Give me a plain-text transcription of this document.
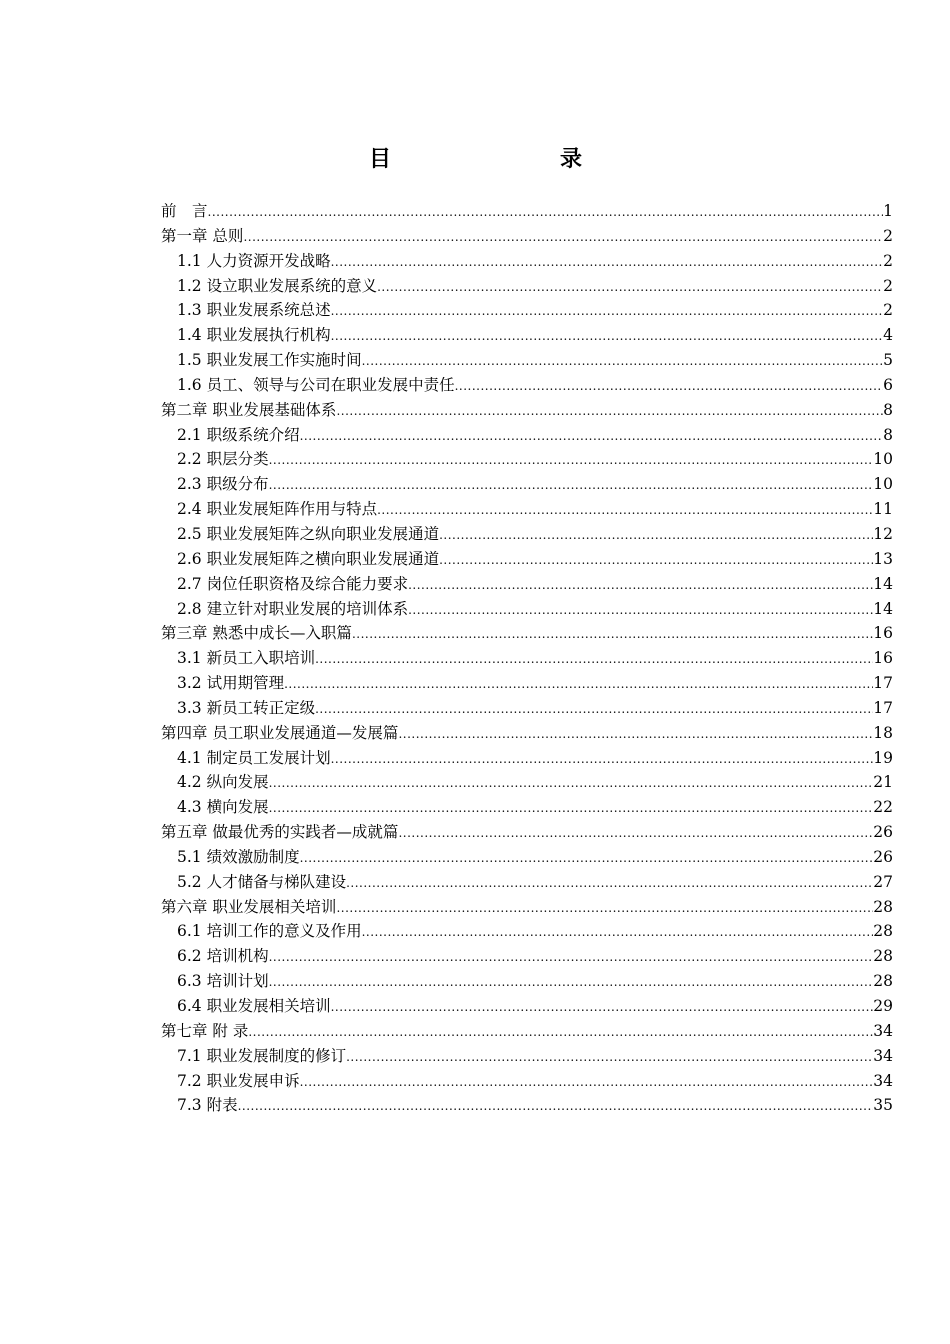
目	录
前　言 .....	1
第一章 总则 .....	2
1.1 人力资源开发战略 .....	2
1.2 设立职业发展系统的意义 .....	2
1.3 职业发展系统总述 .....	2
1.4 职业发展执行机构 .....	4
1.5 职业发展工作实施时间 .....	5
1.6 员工、领导与公司在职业发展中责任 .....	6
第二章 职业发展基础体系 .....	8
2.1 职级系统介绍 .....	8
2.2 职层分类 .....	10
2.3 职级分布 .....	10
2.4 职业发展矩阵作用与特点 .....	11
2.5 职业发展矩阵之纵向职业发展通道 .....	12
2.6 职业发展矩阵之横向职业发展通道 .....	13
2.7 岗位任职资格及综合能力要求 .....	14
2.8 建立针对职业发展的培训体系 .....	14
第三章 熟悉中成长—入职篇 .....	16
3.1 新员工入职培训 .....	16
3.2 试用期管理 .....	17
3.3 新员工转正定级 .....	17
第四章 员工职业发展通道—发展篇 .....	18
4.1 制定员工发展计划 .....	19
4.2 纵向发展 .....	21
4.3 横向发展 .....	22
第五章 做最优秀的实践者—成就篇 .....	26
5.1 绩效激励制度 .....	26
5.2 人才储备与梯队建设 .....	27
第六章 职业发展相关培训 .....	28
6.1 培训工作的意义及作用 .....	28
6.2 培训机构 .....	28
6.3 培训计划 .....	28
6.4 职业发展相关培训 .....	29
第七章 附 录 .....	34
7.1 职业发展制度的修订 .....	34
7.2 职业发展申诉 .....	34
7.3 附表 .....	35
